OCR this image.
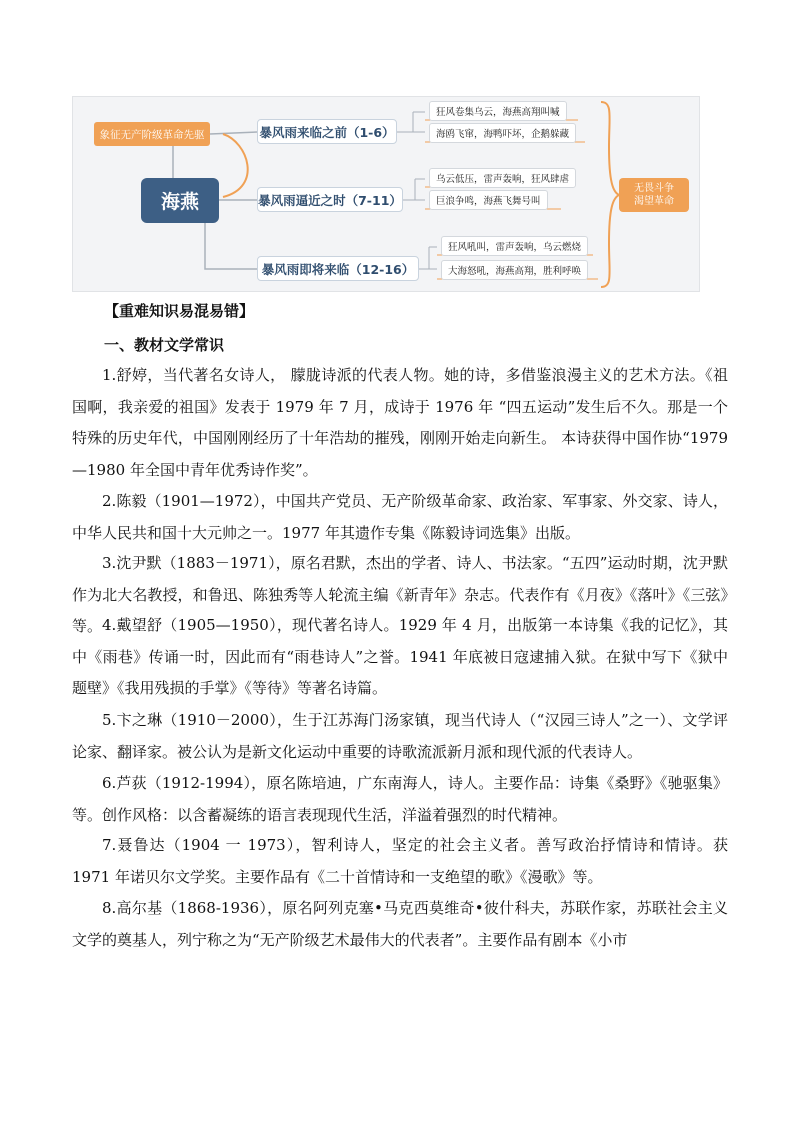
海燕
象征无产阶级革命先驱	暴风雨来临之前（1-6）
暴风雨逼近之时（7-11）
暴风雨即将来临（12-16）
狂风卷集乌云，海燕高翔叫喊
海鸥飞窜，海鸭吓坏，企鹅躲藏
乌云低压，雷声轰响，狂风肆虐
巨浪争鸣，海燕飞舞号叫
狂风吼叫，雷声轰响，乌云燃烧
大海怒吼，海燕高翔，胜利呼唤
无畏斗争
渴望革命
【重难知识易混易错】
一、教材文学常识

1.舒婷，当代著名女诗人， 朦胧诗派的代表人物。她的诗，多借鉴浪漫主义的艺术方法。《祖国啊，我亲爱的祖国》发表于 1979 年 7 月，成诗于 1976 年 “四五运动”发生后不久。那是一个特殊的历史年代，中国刚刚经历了十年浩劫的摧残，刚刚开始走向新生。 本诗获得中国作协“1979—1980 年全国中青年优秀诗作奖”。

2.陈毅（1901—1972），中国共产党员、无产阶级革命家、政治家、军事家、外交家、诗人，中华人民共和国十大元帅之一。1977 年其遗作专集《陈毅诗词选集》出版。

3.沈尹默（1883－1971），原名君默，杰出的学者、诗人、书法家。“五四”运动时期，沈尹默作为北大名教授，和鲁迅、陈独秀等人轮流主编《新青年》杂志。代表作有《月夜》《落叶》《三弦》等。 4.戴望舒（1905—1950），现代著名诗人。1929 年 4 月，出版第一本诗集《我的记忆》，其中《雨巷》传诵一时，因此而有“雨巷诗人”之誉。1941 年底被日寇逮捕入狱。在狱中写下《狱中题壁》《我用残损的手掌》《等待》等著名诗篇。

5.卞之琳（1910－2000），生于江苏海门汤家镇，现当代诗人（“汉园三诗人”之一）、文学评论家、翻译家。被公认为是新文化运动中重要的诗歌流派新月派和现代派的代表诗人。

6.芦荻（1912-1994），原名陈培迪，广东南海人，诗人。主要作品：诗集《桑野》《驰驱集》等。创作风格：以含蓄凝练的语言表现现代生活，洋溢着强烈的时代精神。

7.聂鲁达（1904 一 1973），智利诗人，坚定的社会主义者。善写政治抒情诗和情诗。获 1971 年诺贝尔文学奖。主要作品有《二十首情诗和一支绝望的歌》《漫歌》等。

8.高尔基（1868-1936），原名阿列克塞•马克西莫维奇•彼什科夫，苏联作家，苏联社会主义文学的奠基人，列宁称之为“无产阶级艺术最伟大的代表者”。主要作品有剧本《小市
